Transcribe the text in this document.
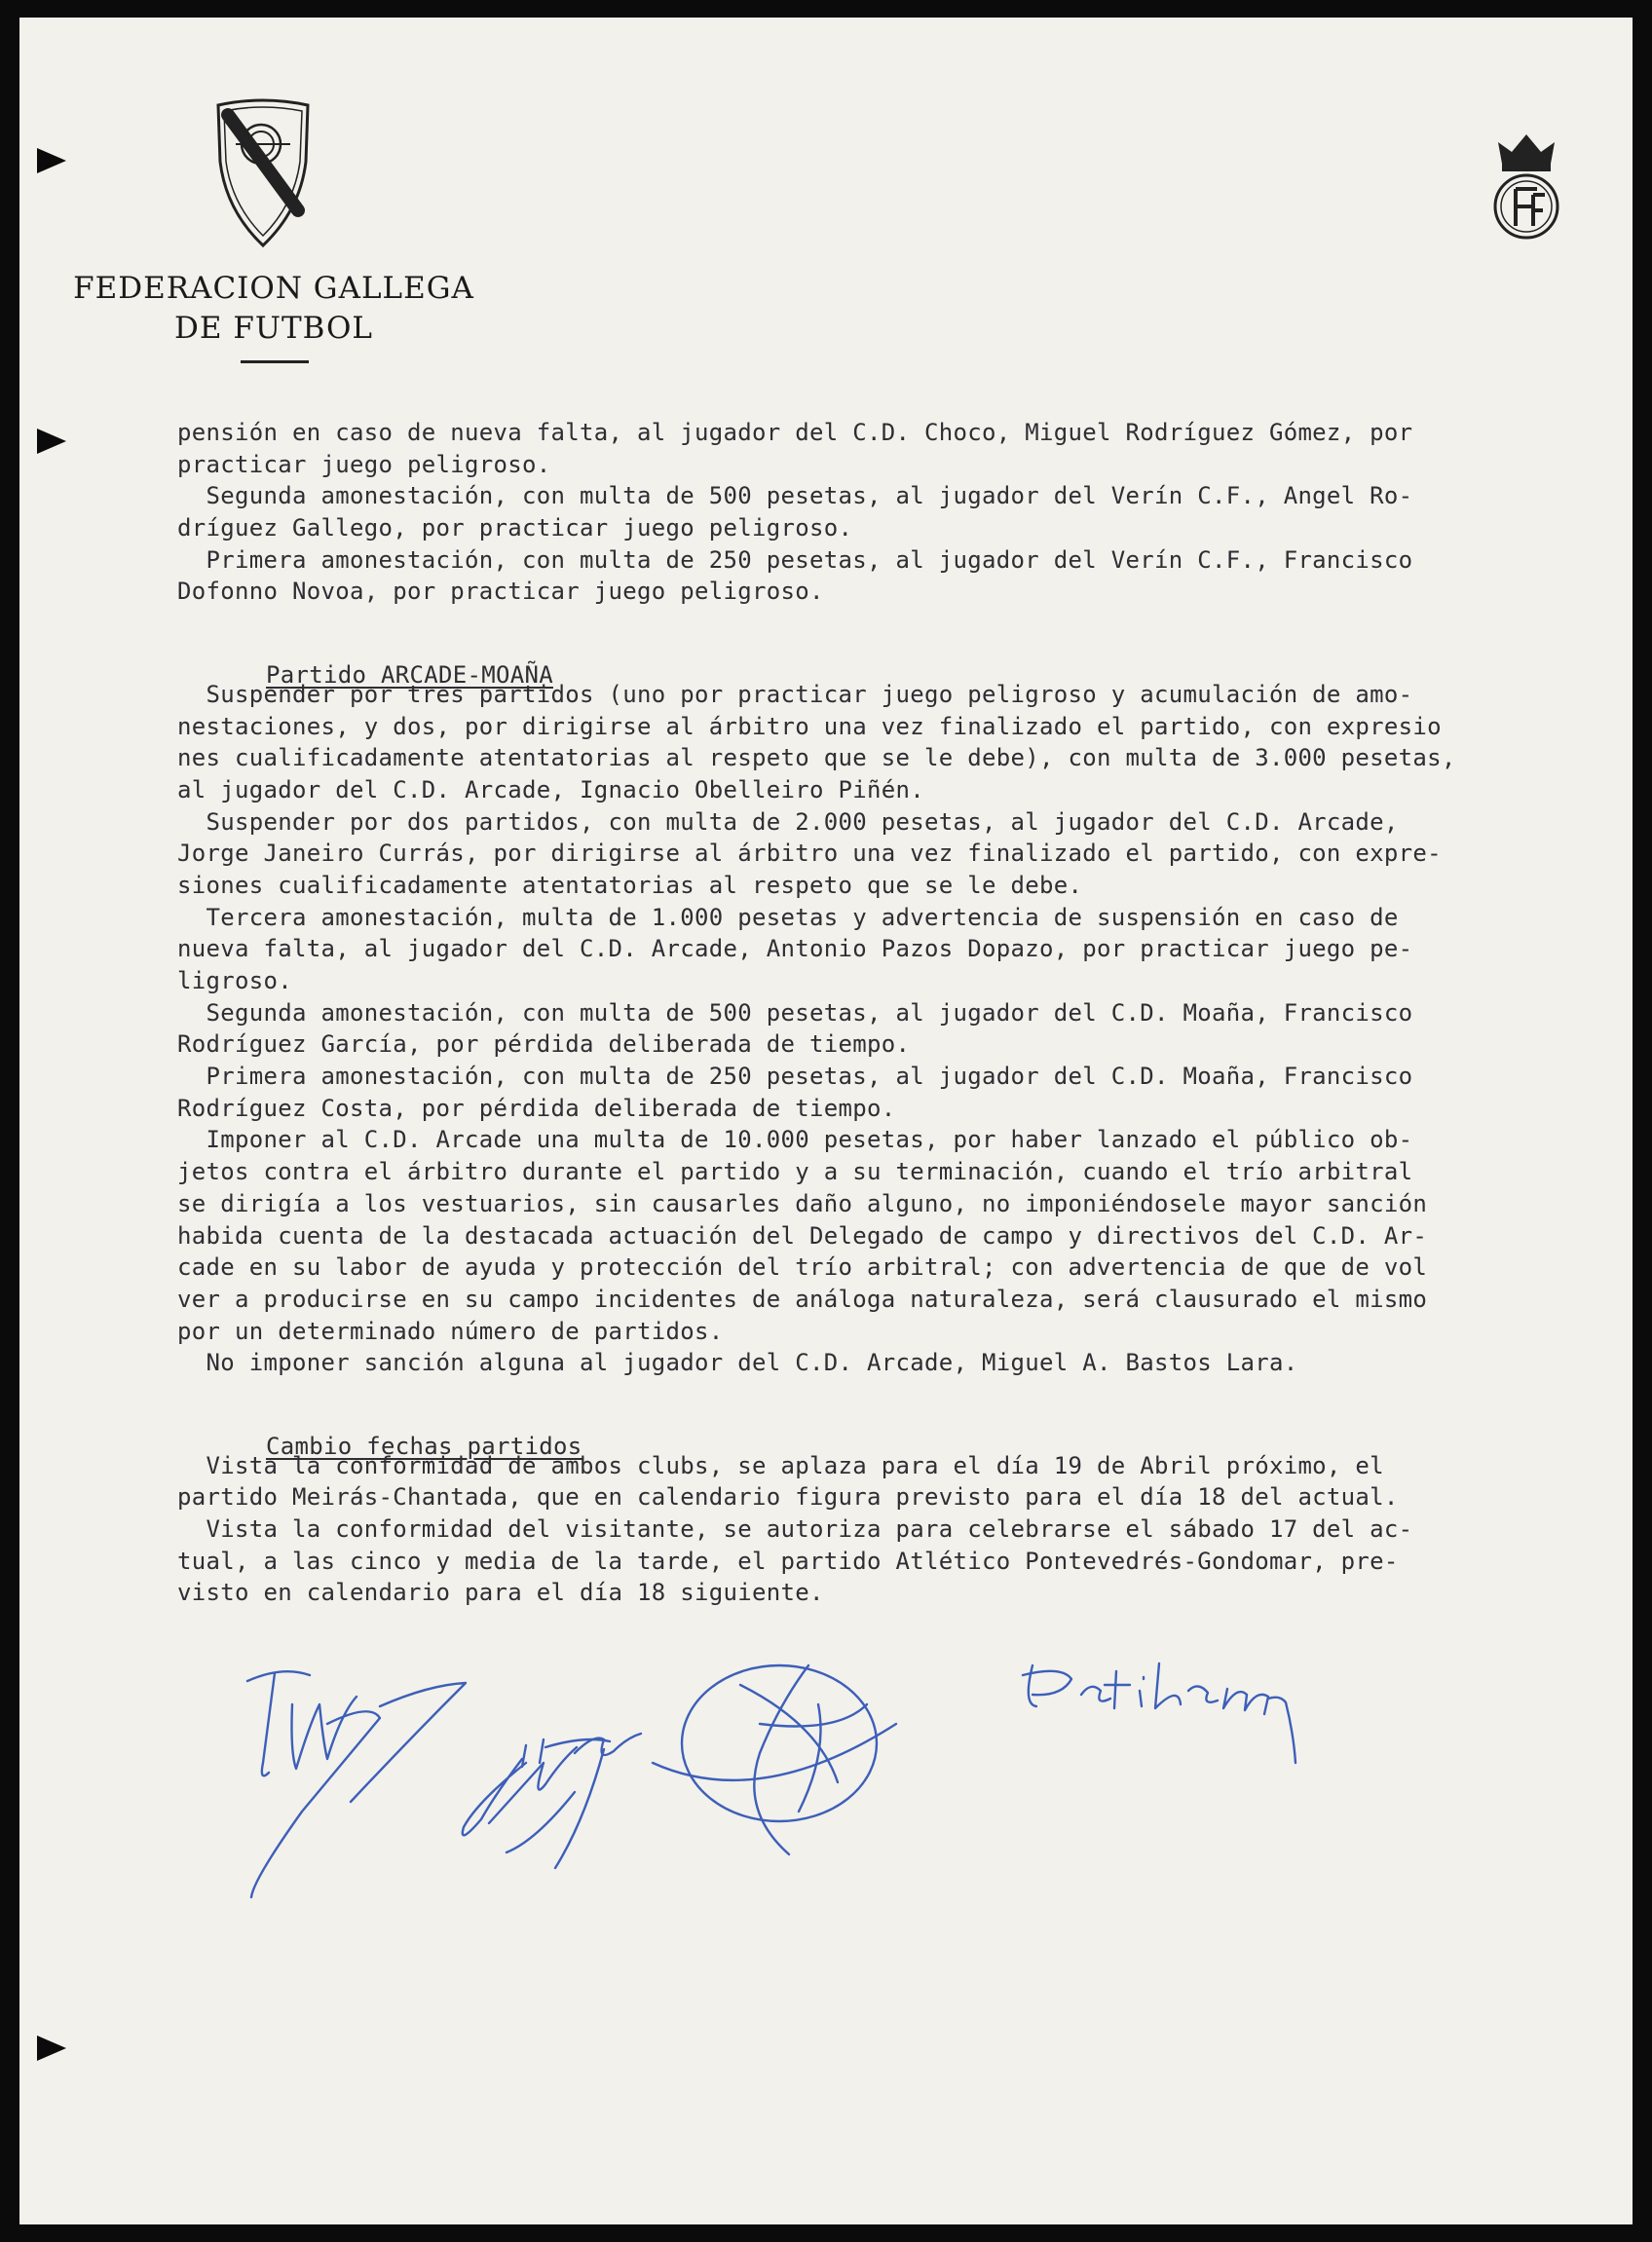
FEDERACION GALLEGA
DE FUTBOL
pensión en caso de nueva falta, al jugador del C.D. Choco, Miguel Rodríguez Gómez, por
practicar juego peligroso.
Segunda amonestación, con multa de 500 pesetas, al jugador del Verín C.F., Angel Ro-
dríguez Gallego, por practicar juego peligroso.
Primera amonestación, con multa de 250 pesetas, al jugador del Verín C.F., Francisco
Dofonno Novoa, por practicar juego peligroso.

Partido ARCADE-MOAÑA

Suspender por tres partidos (uno por practicar juego peligroso y acumulación de amo-
nestaciones, y dos, por dirigirse al árbitro una vez finalizado el partido, con expresio
nes cualificadamente atentatorias al respeto que se le debe), con multa de 3.000 pesetas,
al jugador del C.D. Arcade, Ignacio Obelleiro Piñén.
Suspender por dos partidos, con multa de 2.000 pesetas, al jugador del C.D. Arcade,
Jorge Janeiro Currás, por dirigirse al árbitro una vez finalizado el partido, con expre-
siones cualificadamente atentatorias al respeto que se le debe.
Tercera amonestación, multa de 1.000 pesetas y advertencia de suspensión en caso de
nueva falta, al jugador del C.D. Arcade, Antonio Pazos Dopazo, por practicar juego pe-
ligroso.
Segunda amonestación, con multa de 500 pesetas, al jugador del C.D. Moaña, Francisco
Rodríguez García, por pérdida deliberada de tiempo.
Primera amonestación, con multa de 250 pesetas, al jugador del C.D. Moaña, Francisco
Rodríguez Costa, por pérdida deliberada de tiempo.
Imponer al C.D. Arcade una multa de 10.000 pesetas, por haber lanzado el público ob-
jetos contra el árbitro durante el partido y a su terminación, cuando el trío arbitral
se dirigía a los vestuarios, sin causarles daño alguno, no imponiéndosele mayor sanción
habida cuenta de la destacada actuación del Delegado de campo y directivos del C.D. Ar-
cade en su labor de ayuda y protección del trío arbitral; con advertencia de que de vol
ver a producirse en su campo incidentes de análoga naturaleza, será clausurado el mismo
por un determinado número de partidos.
No imponer sanción alguna al jugador del C.D. Arcade, Miguel A. Bastos Lara.

Cambio fechas partidos

Vista la conformidad de ambos clubs, se aplaza para el día 19 de Abril próximo, el
partido Meirás-Chantada, que en calendario figura previsto para el día 18 del actual.
Vista la conformidad del visitante, se autoriza para celebrarse el sábado 17 del ac-
tual, a las cinco y media de la tarde, el partido Atlético Pontevedrés-Gondomar, pre-
visto en calendario para el día 18 siguiente.
